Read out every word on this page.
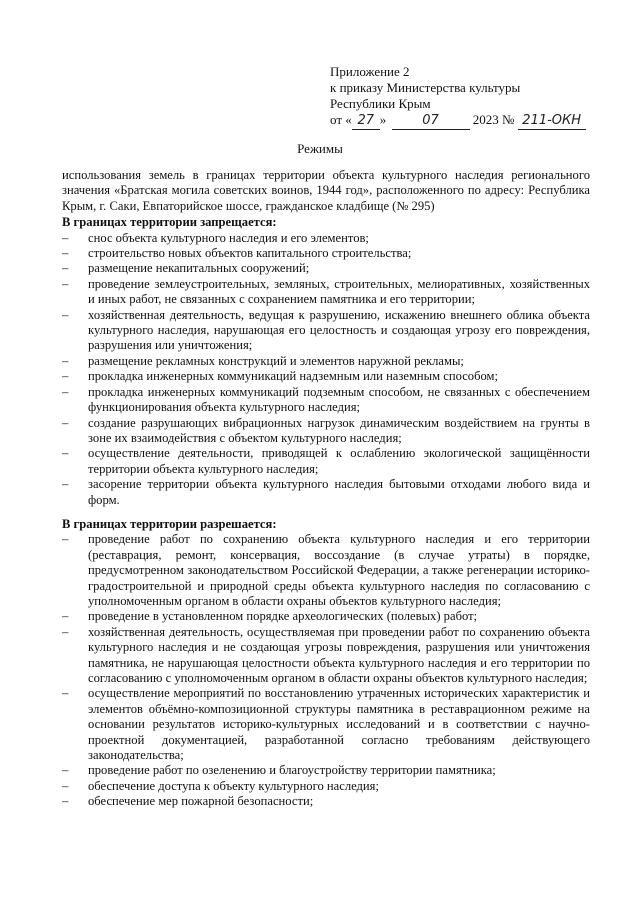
Приложение 2
к приказу Министерства культуры
Республики Крым
от « 27 »	07	2023 № 211-ОКН
Режимы

использования земель в границах территории объекта культурного наследия регионального значения «Братская могила советских воинов, 1944 год», расположенного по адресу: Республика Крым, г. Саки, Евпаторийское шоссе, гражданское кладбище (№ 295)

В границах территории запрещается:

– снос объекта культурного наследия и его элементов;
– строительство новых объектов капитального строительства;
– размещение некапитальных сооружений;
– проведение землеустроительных, земляных, строительных, мелиоративных, хозяйственных и иных работ, не связанных с сохранением памятника и его территории;
– хозяйственная деятельность, ведущая к разрушению, искажению внешнего облика объекта культурного наследия, нарушающая его целостность и создающая угрозу его повреждения, разрушения или уничтожения;
– размещение рекламных конструкций и элементов наружной рекламы;
– прокладка инженерных коммуникаций надземным или наземным способом;
– прокладка инженерных коммуникаций подземным способом, не связанных с обеспечением функционирования объекта культурного наследия;
– создание разрушающих вибрационных нагрузок динамическим воздействием на грунты в зоне их взаимодействия с объектом культурного наследия;
– осуществление деятельности, приводящей к ослаблению экологической защищённости территории объекта культурного наследия;
– засорение территории объекта культурного наследия бытовыми отходами любого вида и форм.

В границах территории разрешается:

– проведение работ по сохранению объекта культурного наследия и его территории (реставрация, ремонт, консервация, воссоздание (в случае утраты) в порядке, предусмотренном законодательством Российской Федерации, а также регенерации историко-градостроительной и природной среды объекта культурного наследия по согласованию с уполномоченным органом в области охраны объектов культурного наследия;
– проведение в установленном порядке археологических (полевых) работ;
– хозяйственная деятельность, осуществляемая при проведении работ по сохранению объекта культурного наследия и не создающая угрозы повреждения, разрушения или уничтожения памятника, не нарушающая целостности объекта культурного наследия и его территории по согласованию с уполномоченным органом в области охраны объектов культурного наследия;
– осуществление мероприятий по восстановлению утраченных исторических характеристик и элементов объёмно-композиционной структуры памятника в реставрационном режиме на основании результатов историко-культурных исследований и в соответствии с научно-проектной документацией, разработанной согласно требованиям действующего законодательства;
– проведение работ по озеленению и благоустройству территории памятника;
– обеспечение доступа к объекту культурного наследия;
– обеспечение мер пожарной безопасности;
